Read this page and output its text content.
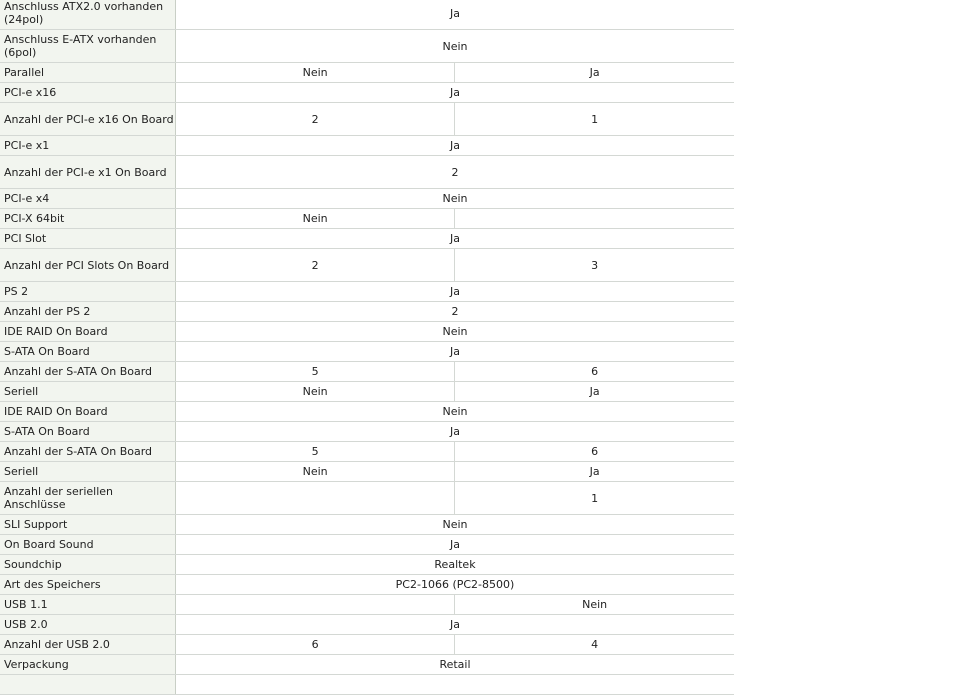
Anschluss ATX2.0 vorhanden (24pol)	Ja	
Anschluss E-ATX vorhanden (6pol)	Nein	
Parallel	Nein	Ja
PCI-e x16	Ja	
Anzahl der PCI-e x16 On Board	2	1
PCI-e x1	Ja	
Anzahl der PCI-e x1 On Board	2	
PCI-e x4	Nein	
PCI-X 64bit	Nein	
PCI Slot	Ja	
Anzahl der PCI Slots On Board	2	3
PS 2	Ja	
Anzahl der PS 2	2	
IDE RAID On Board	Nein	
S-ATA On Board	Ja	
Anzahl der S-ATA On Board	5	6
Seriell	Nein	Ja
IDE RAID On Board	Nein	
S-ATA On Board	Ja	
Anzahl der S-ATA On Board	5	6
Seriell	Nein	Ja
Anzahl der seriellen Anschlüsse		1
SLI Support	Nein	
On Board Sound	Ja	
Soundchip	Realtek	
Art des Speichers	PC2-1066 (PC2-8500)	
USB 1.1		Nein
USB 2.0	Ja	
Anzahl der USB 2.0	6	4
Verpackung	Retail	
